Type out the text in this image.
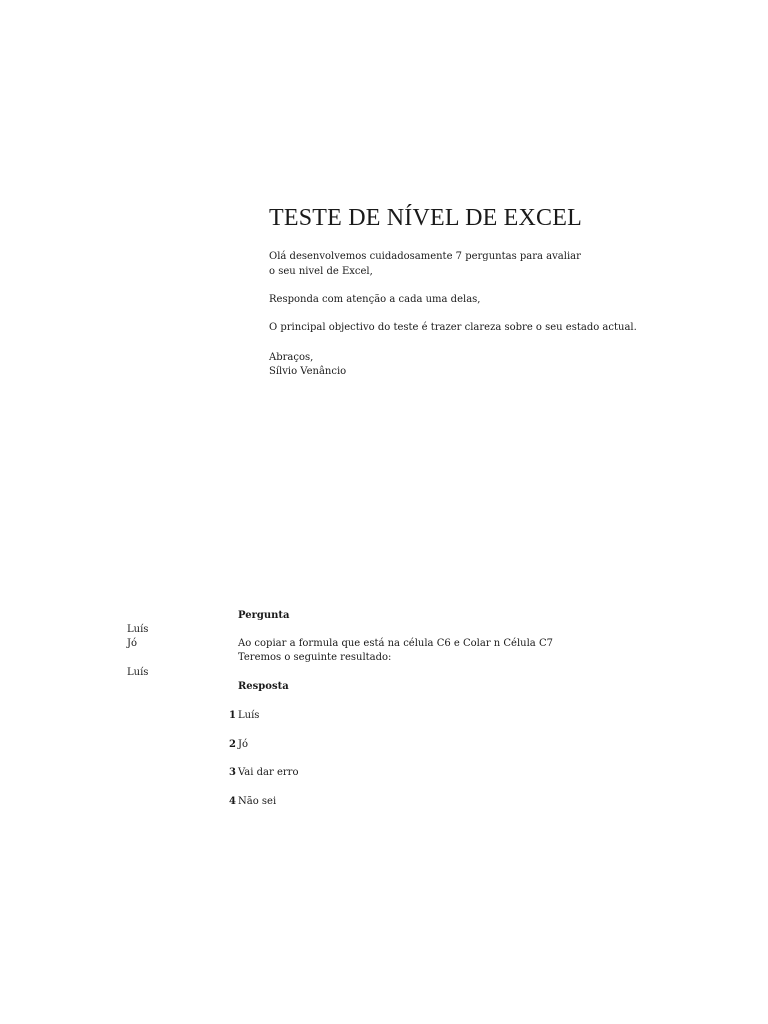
TESTE DE NÍVEL DE EXCEL
Olá desenvolvemos cuidadosamente 7 perguntas para avaliar
o seu nivel de Excel,
Responda com atenção a cada uma delas,
O principal objectivo do teste é trazer clareza sobre o seu estado actual.
Abraços,
Sílvio Venâncio
Luís
Jó
Luís
Pergunta
Ao copiar a formula que está na célula C6 e Colar n Célula C7
Teremos o seguinte resultado:
Resposta
1 Luís
2 Jó
3 Vai dar erro
4 Não sei
